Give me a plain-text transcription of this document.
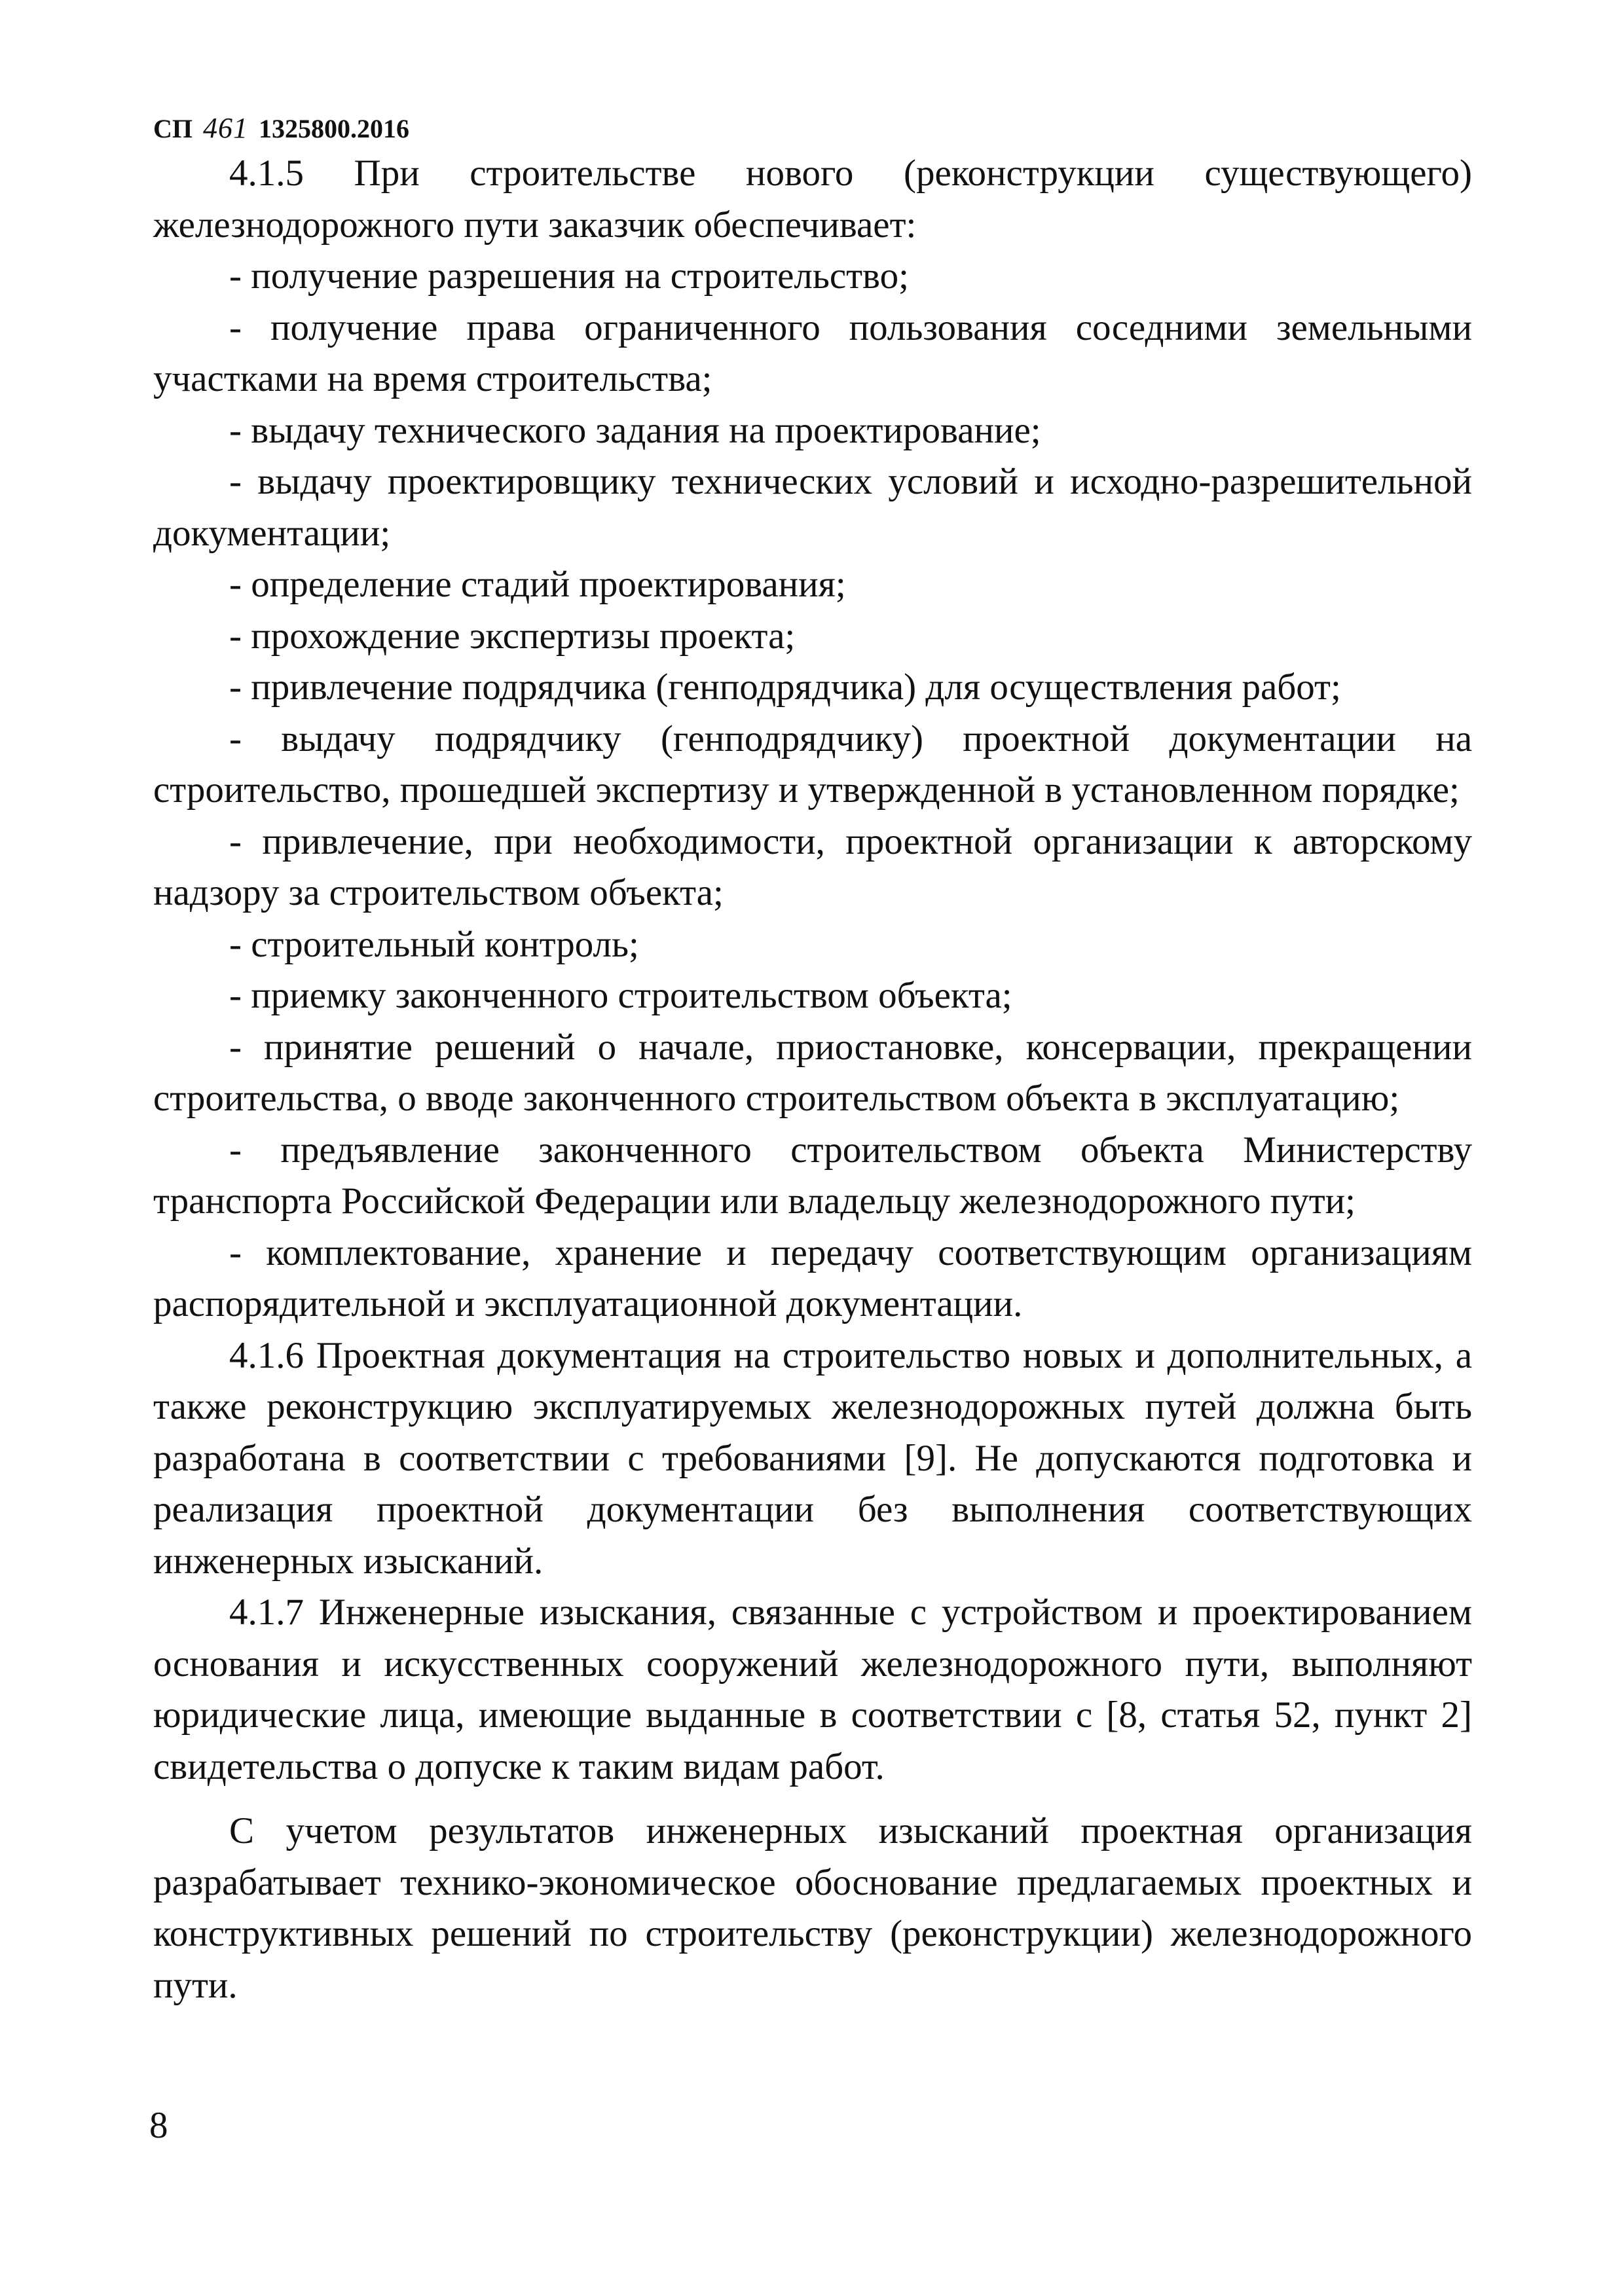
СП 461 1325800.2016

4.1.5 При строительстве нового (реконструкции существующего) железнодорожного пути заказчик обеспечивает:

- получение разрешения на строительство;

- получение права ограниченного пользования соседними земельными участками на время строительства;

- выдачу технического задания на проектирование;

- выдачу проектировщику технических условий и исходно-разрешительной документации;

- определение стадий проектирования;

- прохождение экспертизы проекта;

- привлечение подрядчика (генподрядчика) для осуществления работ;

- выдачу подрядчику (генподрядчику) проектной документации на строительство, прошедшей экспертизу и утвержденной в установленном порядке;

- привлечение, при необходимости, проектной организации к авторскому надзору за строительством объекта;

- строительный контроль;

- приемку законченного строительством объекта;

- принятие решений о начале, приостановке, консервации, прекращении строительства, о вводе законченного строительством объекта в эксплуатацию;

- предъявление законченного строительством объекта Министерству транспорта Российской Федерации или владельцу железнодорожного пути;

- комплектование, хранение и передачу соответствующим организациям распорядительной и эксплуатационной документации.

4.1.6 Проектная документация на строительство новых и дополнительных, а также реконструкцию эксплуатируемых железнодорожных путей должна быть разработана в соответствии с требованиями [9]. Не допускаются подготовка и реализация проектной документации без выполнения соответствующих инженерных изысканий.

4.1.7 Инженерные изыскания, связанные с устройством и проектированием основания и искусственных сооружений железнодорожного пути, выполняют юридические лица, имеющие выданные в соответствии с [8, статья 52, пункт 2] свидетельства о допуске к таким видам работ.

С учетом результатов инженерных изысканий проектная организация разрабатывает технико-экономическое обоснование предлагаемых проектных и конструктивных решений по строительству (реконструкции) железнодорожного пути.

8
